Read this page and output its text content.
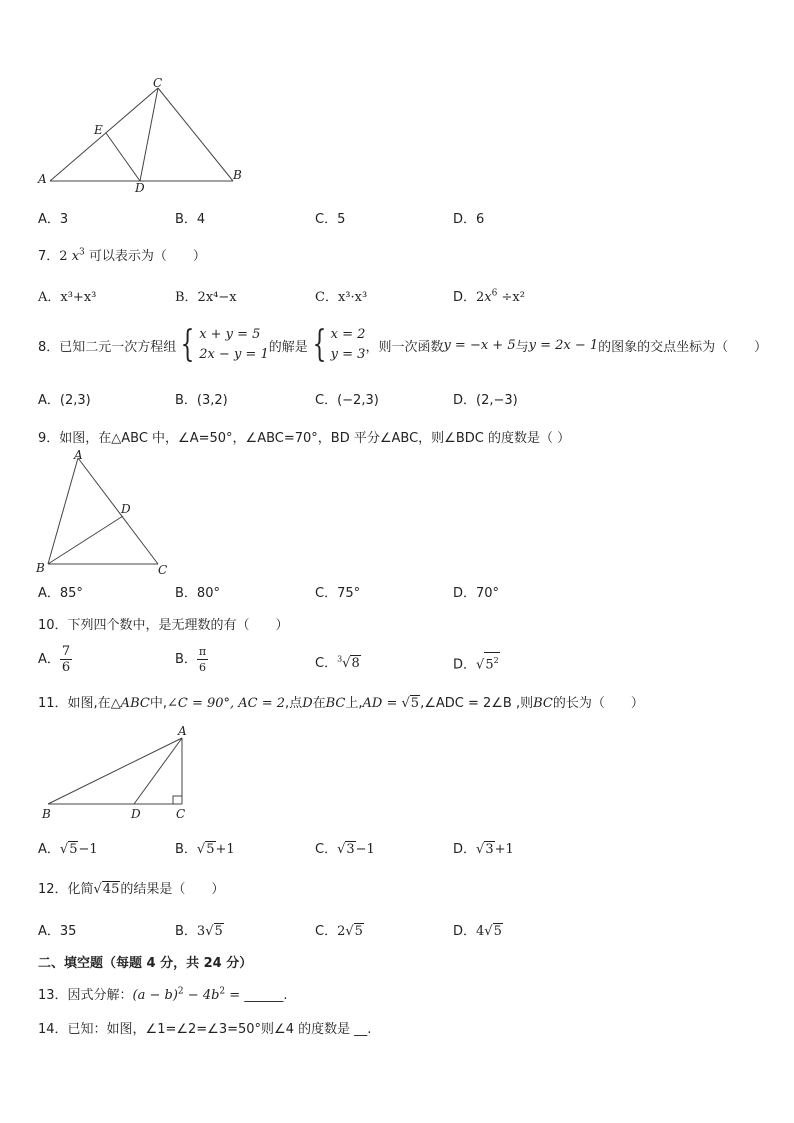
A	B
C
D
E
A．3	B．4	C．5	D．6
7．2 $x^3$ 可以表示为（　　）
A．x³+x³	B．2x⁴−x	C．x³·x³	D．$2x^6 \div x^2$
8．已知二元一次方程组 { x + y = 5
2x − y = 1 的解是 { x = 2
y = 3 ，则一次函数 y = −x + 5 与 y = 2x − 1 的图象的交点坐标为（　　）
A．(2,3)	B．(3,2)	C．(−2,3)	D．(2,−3)
9．如图，在△ABC 中，∠A=50°，∠ABC=70°，BD 平分∠ABC，则∠BDC 的度数是（ ）
A
B	C
D
A．85°	B．80°	C．75°	D．70°
10．下列四个数中，是无理数的有（　　）
A． $\frac{7}{6}$	B． $\frac{\pi}{6}$	C．$^3$√8	D．$√5^2$
11．如图,在△ABC中,∠C = 90°, AC = 2,点D在BC上,AD = √5,∠ADC = 2∠B ,则BC的长为（　　）
A
B	C
D
A．√5−1	B．√5+1	C．√3−1	D．√3+1
12．化简√45的结果是（　　）
A．35	B．3√5	C．2√5	D．4√5
二、填空题（每题 4 分，共 24 分）
13．因式分解：$(a - b)^2 - 4b^2$ = ______.
14．已知：如图，∠1=∠2=∠3=50°则∠4 的度数是 __.
